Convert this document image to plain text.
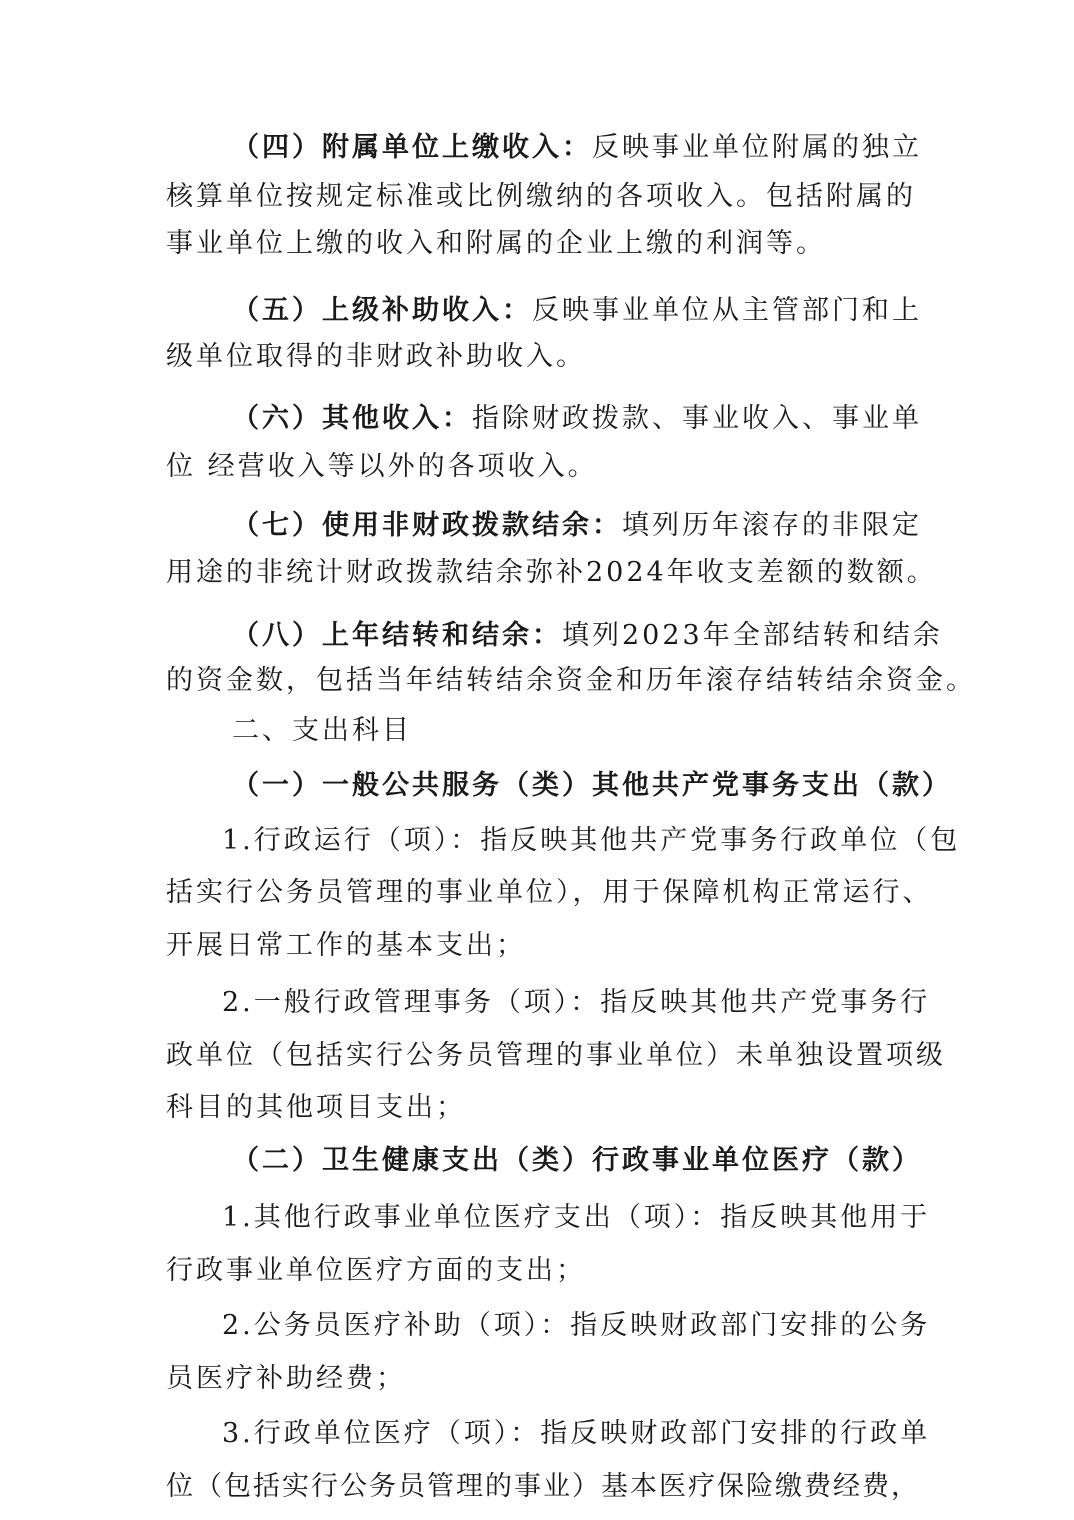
（四）附属单位上缴收入：反映事业单位附属的独立
核算单位按规定标准或比例缴纳的各项收入。包括附属的
事业单位上缴的收入和附属的企业上缴的利润等。
（五）上级补助收入：反映事业单位从主管部门和上
级单位取得的非财政补助收入。
（六）其他收入：指除财政拨款、事业收入、事业单
位 经营收入等以外的各项收入。
（七）使用非财政拨款结余：填列历年滚存的非限定
用途的非统计财政拨款结余弥补2024年收支差额的数额。
（八）上年结转和结余：填列2023年全部结转和结余
的资金数，包括当年结转结余资金和历年滚存结转结余资金。
二、支出科目
（一）一般公共服务（类）其他共产党事务支出（款）
1.行政运行（项）：指反映其他共产党事务行政单位（包
括实行公务员管理的事业单位），用于保障机构正常运行、
开展日常工作的基本支出；
2.一般行政管理事务（项）：指反映其他共产党事务行
政单位（包括实行公务员管理的事业单位）未单独设置项级
科目的其他项目支出；
（二）卫生健康支出（类）行政事业单位医疗（款）
1.其他行政事业单位医疗支出（项）：指反映其他用于
行政事业单位医疗方面的支出；
2.公务员医疗补助（项）：指反映财政部门安排的公务
员医疗补助经费；
3.行政单位医疗（项）：指反映财政部门安排的行政单
位（包括实行公务员管理的事业）基本医疗保险缴费经费，
